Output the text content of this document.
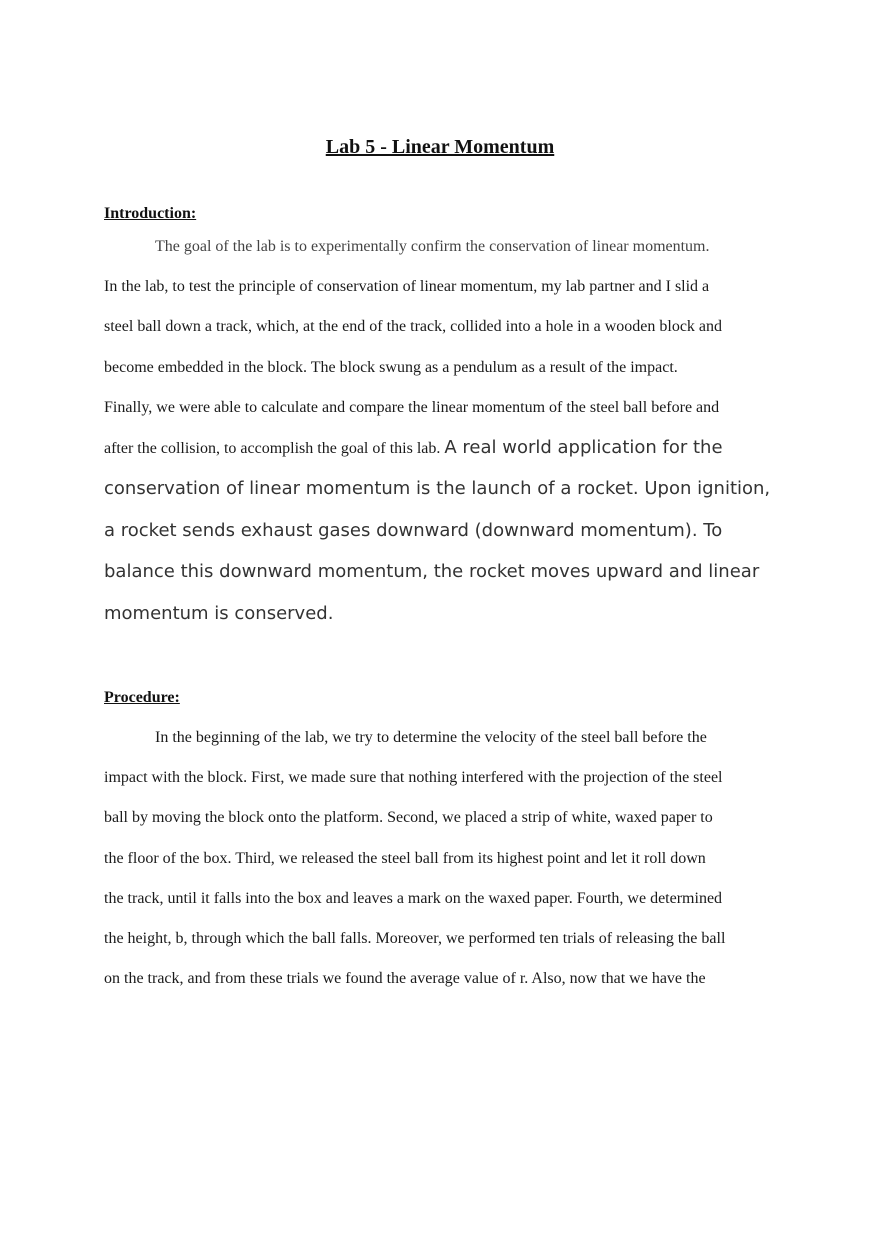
Lab 5 - Linear Momentum
Introduction:
The goal of the lab is to experimentally confirm the conservation of linear momentum.
In the lab, to test the principle of conservation of linear momentum, my lab partner and I slid a
steel ball down a track, which, at the end of the track, collided into a hole in a wooden block and
become embedded in the block. The block swung as a pendulum as a result of the impact.
Finally, we were able to calculate and compare the linear momentum of the steel ball before and
after the collision, to accomplish the goal of this lab. A real world application for the
conservation of linear momentum is the launch of a rocket. Upon ignition,
a rocket sends exhaust gases downward (downward momentum). To
balance this downward momentum, the rocket moves upward and linear
momentum is conserved.
Procedure:
In the beginning of the lab, we try to determine the velocity of the steel ball before the
impact with the block. First, we made sure that nothing interfered with the projection of the steel
ball by moving the block onto the platform. Second, we placed a strip of white, waxed paper to
the floor of the box. Third, we released the steel ball from its highest point and let it roll down
the track, until it falls into the box and leaves a mark on the waxed paper. Fourth, we determined
the height, b, through which the ball falls. Moreover, we performed ten trials of releasing the ball
on the track, and from these trials we found the average value of r. Also, now that we have the
